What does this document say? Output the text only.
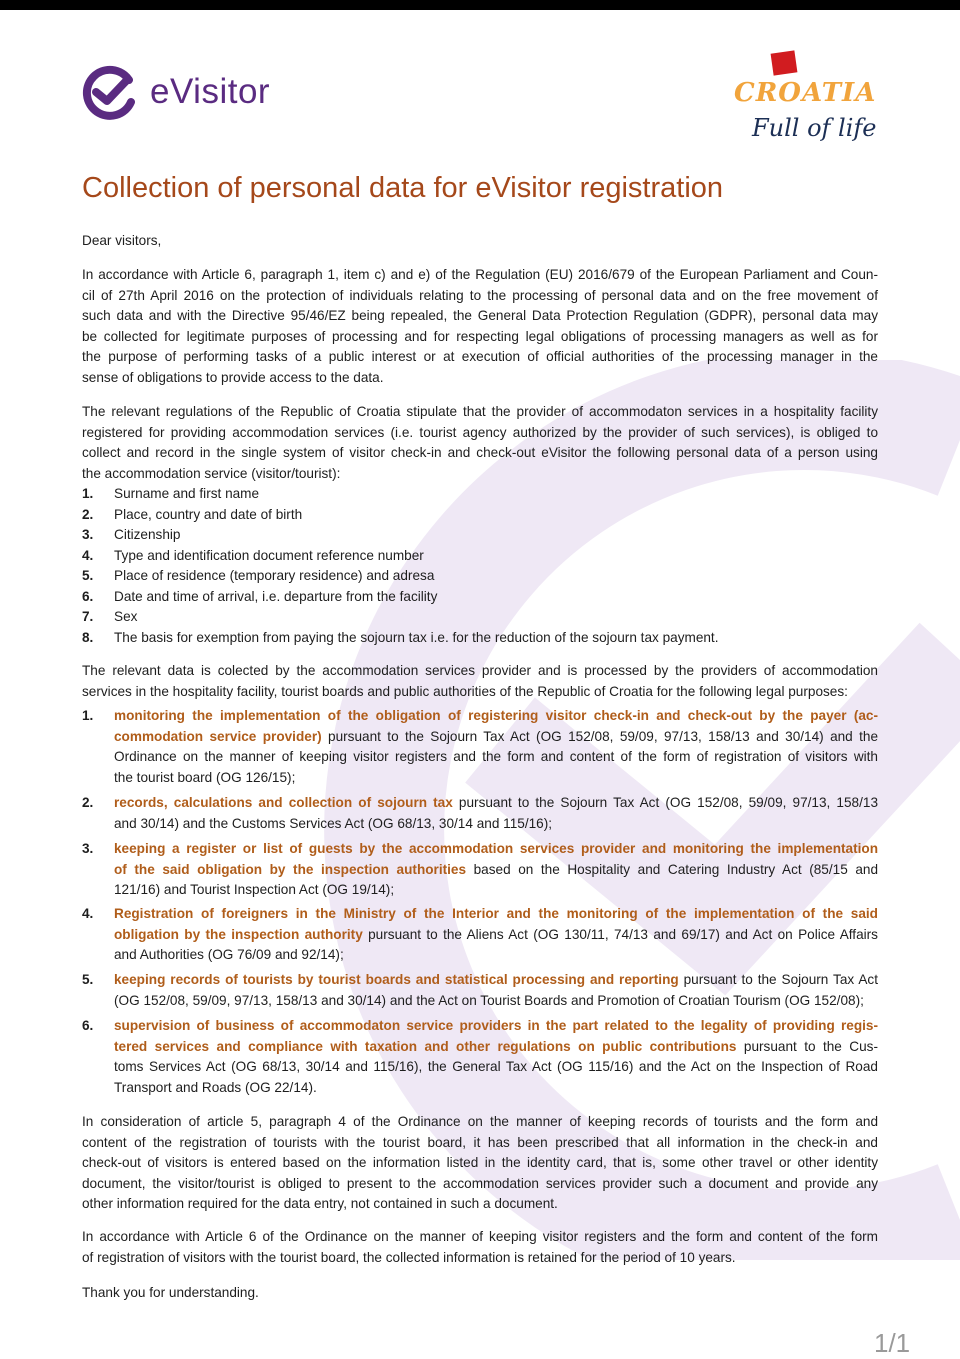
eVisitor	CROATIA
Full of life
Collection of personal data for eVisitor registration

Dear visitors,

In accordance with Article 6, paragraph 1, item c) and e) of the Regulation (EU) 2016/679 of the European Parliament and Coun-
cil of 27th April 2016 on the protection of individuals relating to the processing of personal data and on the free movement of
such data and with the Directive 95/46/EZ being repealed, the General Data Protection Regulation (GDPR), personal data may
be collected for legitimate purposes of processing and for respecting legal obligations of processing managers as well as for
the purpose of performing tasks of a public interest or at execution of official authorities of the processing manager in the
sense of obligations to provide access to the data.

The relevant regulations of the Republic of Croatia stipulate that the provider of accommodaton services in a hospitality facility
registered for providing accommodation services (i.e. tourist agency authorized by the provider of such services), is obliged to
collect and record in the single system of visitor check-in and check-out eVisitor the following personal data of a person using
the accommodation service (visitor/tourist):

1. Surname and first name
2. Place, country and date of birth
3. Citizenship
4. Type and identification document reference number
5. Place of residence (temporary residence) and adresa
6. Date and time of arrival, i.e. departure from the facility
7. Sex
8. The basis for exemption from paying the sojourn tax i.e. for the reduction of the sojourn tax payment.

The relevant data is colected by the accommodation services provider and is processed by the providers of accommodation
services in the hospitality facility, tourist boards and public authorities of the Republic of Croatia for the following legal purposes:

1. monitoring the implementation of the obligation of registering visitor check-in and check-out by the payer (ac-
commodation service provider) pursuant to the Sojourn Tax Act (OG 152/08, 59/09, 97/13, 158/13 and 30/14) and the
Ordinance on the manner of keeping visitor registers and the form and content of the form of registration of visitors with
the tourist board (OG 126/15);
2. records, calculations and collection of sojourn tax pursuant to the Sojourn Tax Act (OG 152/08, 59/09, 97/13, 158/13
and 30/14) and the Customs Services Act (OG 68/13, 30/14 and 115/16);
3. keeping a register or list of guests by the accommodation services provider and monitoring the implementation
of the said obligation by the inspection authorities based on the Hospitality and Catering Industry Act (85/15 and
121/16) and Tourist Inspection Act (OG 19/14);
4. Registration of foreigners in the Ministry of the Interior and the monitoring of the implementation of the said
obligation by the inspection authority pursuant to the Aliens Act (OG 130/11, 74/13 and 69/17) and Act on Police Affairs
and Authorities (OG 76/09 and 92/14);
5. keeping records of tourists by tourist boards and statistical processing and reporting pursuant to the Sojourn Tax Act
(OG 152/08, 59/09, 97/13, 158/13 and 30/14) and the Act on Tourist Boards and Promotion of Croatian Tourism (OG 152/08);
6. supervision of business of accommodaton service providers in the part related to the legality of providing regis-
tered services and compliance with taxation and other regulations on public contributions pursuant to the Cus-
toms Services Act (OG 68/13, 30/14 and 115/16), the General Tax Act (OG 115/16) and the Act on the Inspection of Road
Transport and Roads (OG 22/14).

In consideration of article 5, paragraph 4 of the Ordinance on the manner of keeping records of tourists and the form and
content of the registration of tourists with the tourist board, it has been prescribed that all information in the check-in and
check-out of visitors is entered based on the information listed in the identity card, that is, some other travel or other identity
document, the visitor/tourist is obliged to present to the accommodation services provider such a document and provide any
other information required for the data entry, not contained in such a document.

In accordance with Article 6 of the Ordinance on the manner of keeping visitor registers and the form and content of the form
of registration of visitors with the tourist board, the collected information is retained for the period of 10 years.

Thank you for understanding.

1/1
